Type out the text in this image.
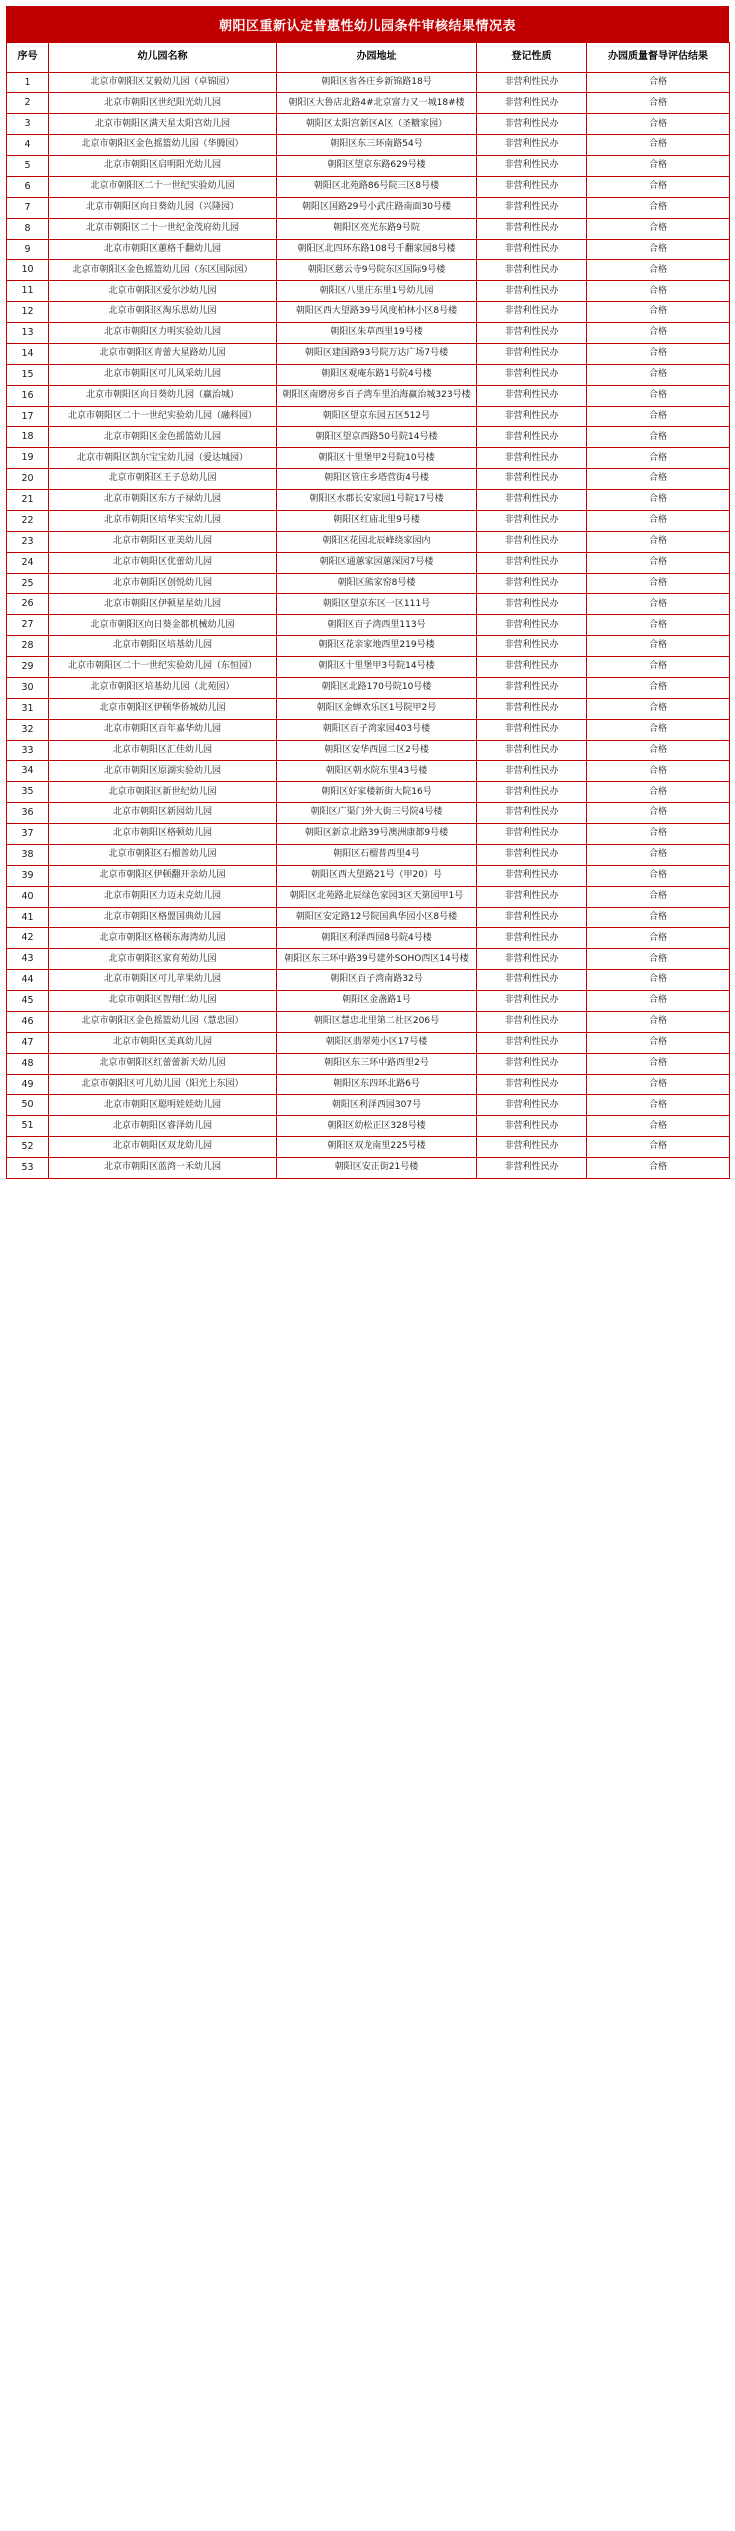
朝阳区重新认定普惠性幼儿园条件审核结果情况表
序号	幼儿园名称	办园地址	登记性质	办园质量督导评估结果
1	北京市朝阳区艾毅幼儿园（卓锦园）	朝阳区省各庄乡新锦路18号	非营利性民办	合格
2	北京市朝阳区世纪阳光幼儿园	朝阳区大鲁店北路4#北京富力又一城18#楼	非营利性民办	合格
3	北京市朝阳区满天星太阳宫幼儿园	朝阳区太阳宫新区A区（圣糖家园）	非营利性民办	合格
4	北京市朝阳区金色摇篮幼儿园（华腾园）	朝阳区东三环南路54号	非营利性民办	合格
5	北京市朝阳区启明阳光幼儿园	朝阳区望京东路629号楼	非营利性民办	合格
6	北京市朝阳区二十一世纪实验幼儿园	朝阳区北苑路86号院三区8号楼	非营利性民办	合格
7	北京市朝阳区向日葵幼儿园（兴隆园）	朝阳区国路29号小武庄路南面30号楼	非营利性民办	合格
8	北京市朝阳区二十一世纪金茂府幼儿园	朝阳区亮光东路9号院	非营利性民办	合格
9	北京市朝阳区蕙格千翻幼儿园	朝阳区北四环东路108号千翻家园8号楼	非营利性民办	合格
10	北京市朝阳区金色摇篮幼儿园（东区国际园）	朝阳区慈云寺9号院东区国际9号楼	非营利性民办	合格
11	北京市朝阳区爱尔沙幼儿园	朝阳区八里庄东里1号幼儿园	非营利性民办	合格
12	北京市朝阳区淘乐思幼儿园	朝阳区西大望路39号风度柏林小区8号楼	非营利性民办	合格
13	北京市朝阳区力明实验幼儿园	朝阳区朱草西里19号楼	非营利性民办	合格
14	北京市朝阳区青蕾大星路幼儿园	朝阳区建国路93号院万达广场7号楼	非营利性民办	合格
15	北京市朝阳区可儿风采幼儿园	朝阳区观庵东路1号院4号楼	非营利性民办	合格
16	北京市朝阳区向日葵幼儿园（赢治城）	朝阳区南磨房乡百子湾车里泊海赢治城323号楼	非营利性民办	合格
17	北京市朝阳区二十一世纪实验幼儿园（融科园）	朝阳区望京东园五区512号	非营利性民办	合格
18	北京市朝阳区金色摇篮幼儿园	朝阳区望京西路50号院14号楼	非营利性民办	合格
19	北京市朝阳区凯尔宝宝幼儿园（爱达城园）	朝阳区十里堡甲2号院10号楼	非营利性民办	合格
20	北京市朝阳区王子总幼儿园	朝阳区管庄乡塔营街4号楼	非营利性民办	合格
21	北京市朝阳区东方子禄幼儿园	朝阳区水郡长安家园1号院17号楼	非营利性民办	合格
22	北京市朝阳区培华实宝幼儿园	朝阳区红庙北里9号楼	非营利性民办	合格
23	北京市朝阳区亚美幼儿园	朝阳区花园北辰峰绕家园内	非营利性民办	合格
24	北京市朝阳区优蕾幼儿园	朝阳区通蕙家园蕙深园7号楼	非营利性民办	合格
25	北京市朝阳区创悦幼儿园	朝阳区熊家窑8号楼	非营利性民办	合格
26	北京市朝阳区伊顿星星幼儿园	朝阳区望京东区一区111号	非营利性民办	合格
27	北京市朝阳区向日葵金都机械幼儿园	朝阳区百子湾西里113号	非营利性民办	合格
28	北京市朝阳区培基幼儿园	朝阳区花亲家地西里219号楼	非营利性民办	合格
29	北京市朝阳区二十一世纪实验幼儿园（东恒园）	朝阳区十里堡甲3号院14号楼	非营利性民办	合格
30	北京市朝阳区培基幼儿园（北苑园）	朝阳区北路170号院10号楼	非营利性民办	合格
31	北京市朝阳区伊顿华侨城幼儿园	朝阳区金蝉欢乐区1号院甲2号	非营利性民办	合格
32	北京市朝阳区百年嘉华幼儿园	朝阳区百子湾家园403号楼	非营利性民办	合格
33	北京市朝阳区汇佳幼儿园	朝阳区安华西园二区2号楼	非营利性民办	合格
34	北京市朝阳区原湖实验幼儿园	朝阳区朝水院东里43号楼	非营利性民办	合格
35	北京市朝阳区新世纪幼儿园	朝阳区好家楼新街大院16号	非营利性民办	合格
36	北京市朝阳区新园幼儿园	朝阳区广渠门外大街三号院4号楼	非营利性民办	合格
37	北京市朝阳区格顿幼儿园	朝阳区新京北路39号澳洲康都9号楼	非营利性民办	合格
38	北京市朝阳区石榴普幼儿园	朝阳区石榴普西里4号	非营利性民办	合格
39	北京市朝阳区伊顿翻开亲幼儿园	朝阳区西大望路21号（甲20）号	非营利性民办	合格
40	北京市朝阳区力迈未克幼儿园	朝阳区北苑路北辰绿色家园3区天第园甲1号	非营利性民办	合格
41	北京市朝阳区格盟国典幼儿园	朝阳区安定路12号院国典华园小区8号楼	非营利性民办	合格
42	北京市朝阳区格顿东海湾幼儿园	朝阳区利泽西园8号院4号楼	非营利性民办	合格
43	北京市朝阳区家育苑幼儿园	朝阳区东三环中路39号建外SOHO西区14号楼	非营利性民办	合格
44	北京市朝阳区可儿苹果幼儿园	朝阳区百子湾南路32号	非营利性民办	合格
45	北京市朝阳区智翔仁幼儿园	朝阳区金盏路1号	非营利性民办	合格
46	北京市朝阳区金色摇篮幼儿园（慧忠园）	朝阳区慧忠北里第二社区206号	非营利性民办	合格
47	北京市朝阳区美真幼儿园	朝阳区翡翠苑小区17号楼	非营利性民办	合格
48	北京市朝阳区红蕾蕾新天幼儿园	朝阳区东三环中路西里2号	非营利性民办	合格
49	北京市朝阳区可儿幼儿园（阳光上东园）	朝阳区东四环北路6号	非营利性民办	合格
50	北京市朝阳区聪明娃娃幼儿园	朝阳区利泽西园307号	非营利性民办	合格
51	北京市朝阳区睿泽幼儿园	朝阳区幼松正区328号楼	非营利性民办	合格
52	北京市朝阳区双龙幼儿园	朝阳区双龙南里225号楼	非营利性民办	合格
53	北京市朝阳区蓝湾一禾幼儿园	朝阳区安正街21号楼	非营利性民办	合格
